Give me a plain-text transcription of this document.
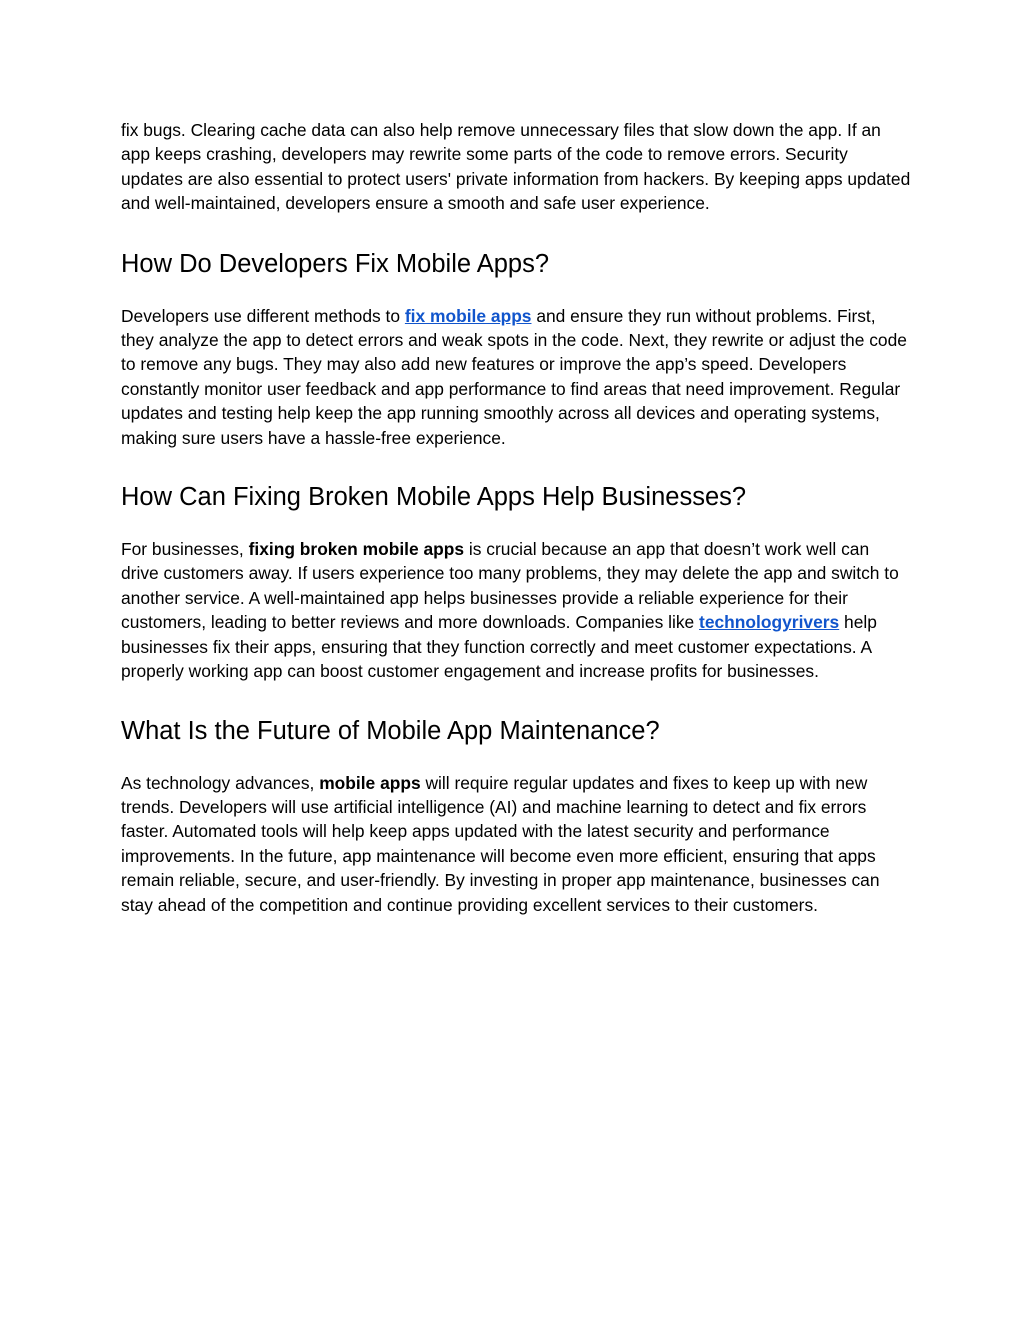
fix bugs. Clearing cache data can also help remove unnecessary files that slow down the app. If an app keeps crashing, developers may rewrite some parts of the code to remove errors. Security updates are also essential to protect users' private information from hackers. By keeping apps updated and well-maintained, developers ensure a smooth and safe user experience.

How Do Developers Fix Mobile Apps?

Developers use different methods to fix mobile apps and ensure they run without problems. First, they analyze the app to detect errors and weak spots in the code. Next, they rewrite or adjust the code to remove any bugs. They may also add new features or improve the app’s speed. Developers constantly monitor user feedback and app performance to find areas that need improvement. Regular updates and testing help keep the app running smoothly across all devices and operating systems, making sure users have a hassle-free experience.

How Can Fixing Broken Mobile Apps Help Businesses?

For businesses, fixing broken mobile apps is crucial because an app that doesn’t work well can drive customers away. If users experience too many problems, they may delete the app and switch to another service. A well-maintained app helps businesses provide a reliable experience for their customers, leading to better reviews and more downloads. Companies like technologyrivers help businesses fix their apps, ensuring that they function correctly and meet customer expectations. A properly working app can boost customer engagement and increase profits for businesses.

What Is the Future of Mobile App Maintenance?

As technology advances, mobile apps will require regular updates and fixes to keep up with new trends. Developers will use artificial intelligence (AI) and machine learning to detect and fix errors faster. Automated tools will help keep apps updated with the latest security and performance improvements. In the future, app maintenance will become even more efficient, ensuring that apps remain reliable, secure, and user-friendly. By investing in proper app maintenance, businesses can stay ahead of the competition and continue providing excellent services to their customers.
